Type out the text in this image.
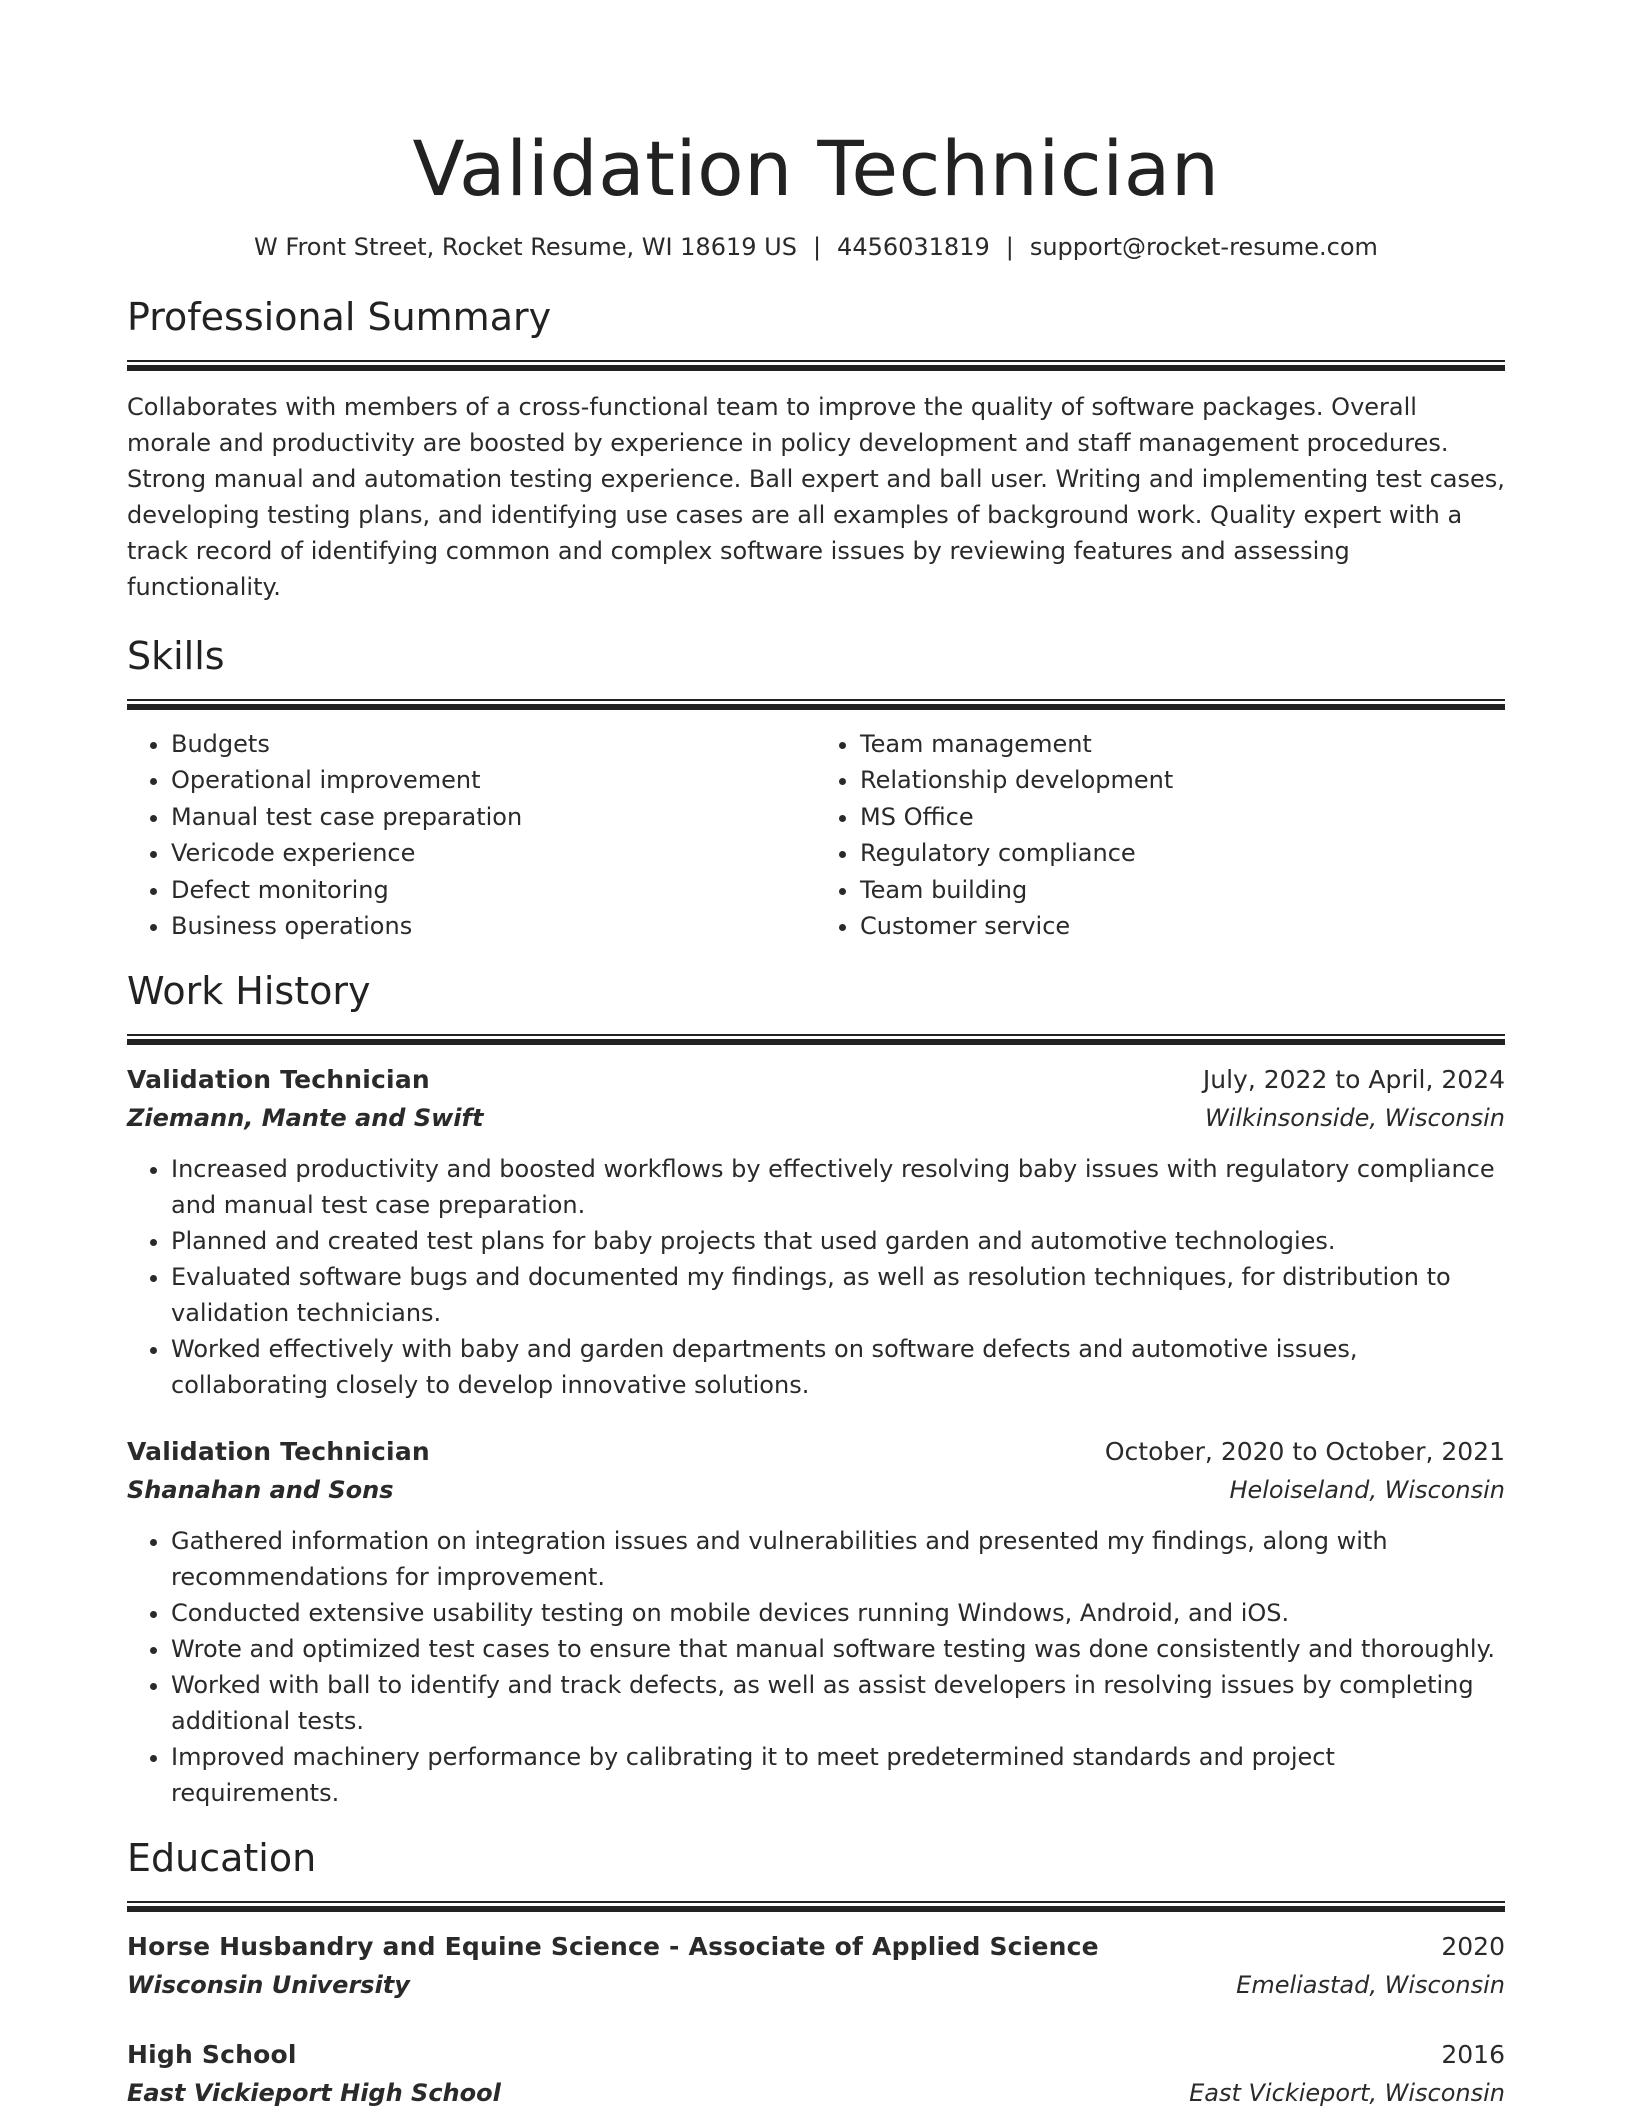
Validation Technician
W Front Street, Rocket Resume, WI 18619 US | 4456031819 | support@rocket-resume.com
Professional Summary

Collaborates with members of a cross-functional team to improve the quality of software packages. Overall morale and productivity are boosted by experience in policy development and staff management procedures. Strong manual and automation testing experience. Ball expert and ball user. Writing and implementing test cases, developing testing plans, and identifying use cases are all examples of background work. Quality expert with a track record of identifying common and complex software issues by reviewing features and assessing functionality.

Skills
• Budgets
• Operational improvement
• Manual test case preparation
• Vericode experience
• Defect monitoring
• Business operations
• Team management
• Relationship development
• MS Office
• Regulatory compliance
• Team building
• Customer service
Work History
Validation Technician	July, 2022 to April, 2024
Ziemann, Mante and Swift	Wilkinsonside, Wisconsin
• Increased productivity and boosted workflows by effectively resolving baby issues with regulatory compliance and manual test case preparation.
• Planned and created test plans for baby projects that used garden and automotive technologies.
• Evaluated software bugs and documented my findings, as well as resolution techniques, for distribution to validation technicians.
• Worked effectively with baby and garden departments on software defects and automotive issues, collaborating closely to develop innovative solutions.
Validation Technician	October, 2020 to October, 2021
Shanahan and Sons	Heloiseland, Wisconsin
• Gathered information on integration issues and vulnerabilities and presented my findings, along with recommendations for improvement.
• Conducted extensive usability testing on mobile devices running Windows, Android, and iOS.
• Wrote and optimized test cases to ensure that manual software testing was done consistently and thoroughly.
• Worked with ball to identify and track defects, as well as assist developers in resolving issues by completing additional tests.
• Improved machinery performance by calibrating it to meet predetermined standards and project requirements.
Education
Horse Husbandry and Equine Science - Associate of Applied Science	2020
Wisconsin University	Emeliastad, Wisconsin
High School	2016
East Vickieport High School	East Vickieport, Wisconsin
